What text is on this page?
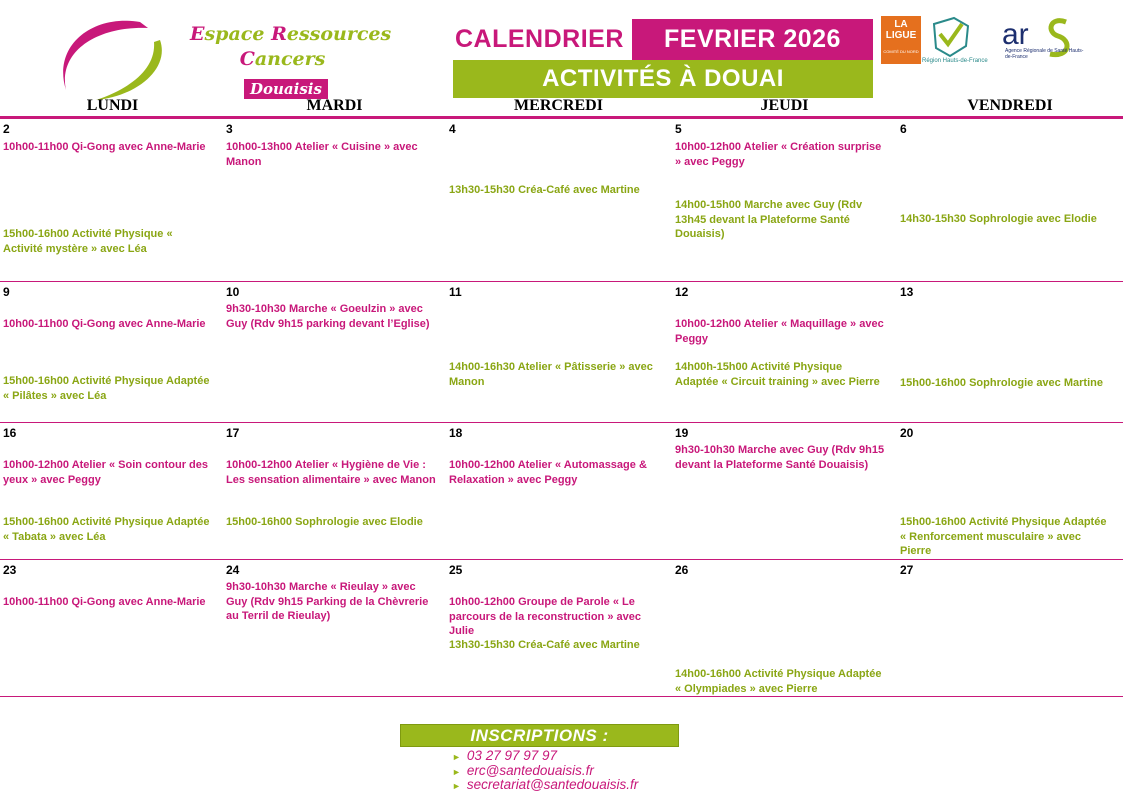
Espace Ressources
Cancers
Douaisis
CALENDRIER	FEVRIER 2026
ACTIVITÉS À DOUAI
LA LIGUE
COMITÉ DU NORD
Région Hauts-de-France
ar
Agence Régionale de Santé Hauts-de-France
LUNDI	MARDI	MERCREDI	JEUDI	VENDREDI
2
10h00-11h00 Qi-Gong avec Anne-Marie
15h00-16h00 Activité Physique « Activité mystère » avec Léa
3
10h00-13h00 Atelier « Cuisine » avec Manon
4
13h30-15h30 Créa-Café avec Martine
5
10h00-12h00 Atelier « Création surprise » avec Peggy
14h00-15h00 Marche avec Guy (Rdv 13h45 devant la Plateforme Santé Douaisis)
6
14h30-15h30 Sophrologie avec Elodie
9
10h00-11h00 Qi-Gong avec Anne-Marie
15h00-16h00 Activité Physique Adaptée « Pilâtes » avec Léa
10
9h30-10h30 Marche « Goeulzin » avec Guy (Rdv 9h15 parking devant l’Eglise)
11
14h00-16h30 Atelier « Pâtisserie » avec Manon
12
10h00-12h00 Atelier « Maquillage » avec Peggy
14h00h-15h00 Activité Physique Adaptée « Circuit training » avec Pierre
13
15h00-16h00 Sophrologie avec Martine
16
10h00-12h00 Atelier « Soin contour des yeux » avec Peggy
15h00-16h00 Activité Physique Adaptée « Tabata » avec Léa
17
10h00-12h00 Atelier « Hygiène de Vie : Les sensation alimentaire » avec Manon
15h00-16h00 Sophrologie avec Elodie
18
10h00-12h00 Atelier « Automassage & Relaxation » avec Peggy
19
9h30-10h30 Marche avec Guy (Rdv 9h15 devant la Plateforme Santé Douaisis)
20
15h00-16h00 Activité Physique Adaptée « Renforcement musculaire » avec Pierre
23
10h00-11h00 Qi-Gong avec Anne-Marie
24
9h30-10h30 Marche « Rieulay » avec Guy (Rdv 9h15 Parking de la Chèvrerie au Terril de Rieulay)
25
10h00-12h00 Groupe de Parole « Le parcours de la reconstruction » avec Julie
13h30-15h30 Créa-Café avec Martine
26
14h00-16h00 Activité Physique Adaptée « Olympiades » avec Pierre
27
INSCRIPTIONS :
► 03 27 97 97 97
► erc@santedouaisis.fr
► secretariat@santedouaisis.fr
